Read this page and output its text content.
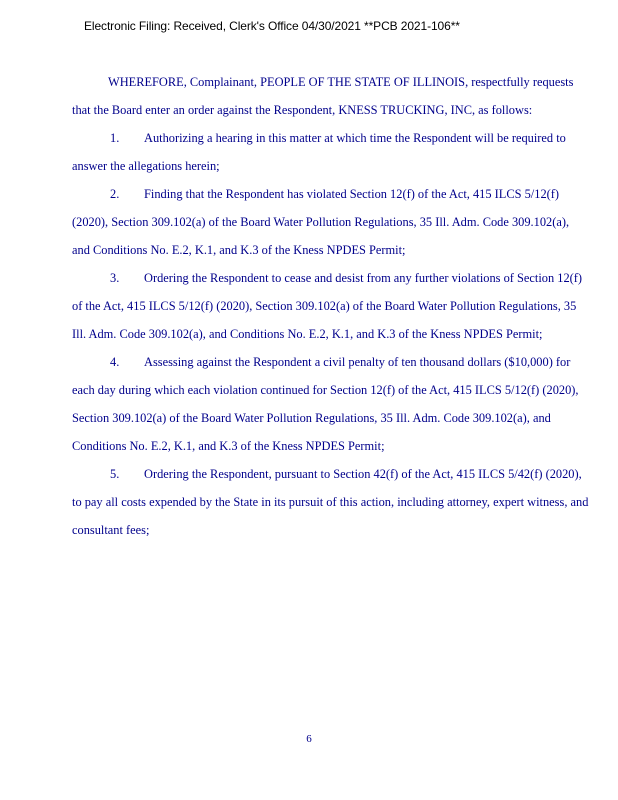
Electronic Filing: Received, Clerk's Office 04/30/2021 **PCB 2021-106**

WHEREFORE, Complainant, PEOPLE OF THE STATE OF ILLINOIS, respectfully requests that the Board enter an order against the Respondent, KNESS TRUCKING, INC, as follows:

1. Authorizing a hearing in this matter at which time the Respondent will be required to answer the allegations herein;

2. Finding that the Respondent has violated Section 12(f) of the Act, 415 ILCS 5/12(f) (2020), Section 309.102(a) of the Board Water Pollution Regulations, 35 Ill. Adm. Code 309.102(a), and Conditions No. E.2, K.1, and K.3 of the Kness NPDES Permit;

3. Ordering the Respondent to cease and desist from any further violations of Section 12(f) of the Act, 415 ILCS 5/12(f) (2020), Section 309.102(a) of the Board Water Pollution Regulations, 35 Ill. Adm. Code 309.102(a), and Conditions No. E.2, K.1, and K.3 of the Kness NPDES Permit;

4. Assessing against the Respondent a civil penalty of ten thousand dollars ($10,000) for each day during which each violation continued for Section 12(f) of the Act, 415 ILCS 5/12(f) (2020), Section 309.102(a) of the Board Water Pollution Regulations, 35 Ill. Adm. Code 309.102(a), and Conditions No. E.2, K.1, and K.3 of the Kness NPDES Permit;

5. Ordering the Respondent, pursuant to Section 42(f) of the Act, 415 ILCS 5/42(f) (2020), to pay all costs expended by the State in its pursuit of this action, including attorney, expert witness, and consultant fees;

6
